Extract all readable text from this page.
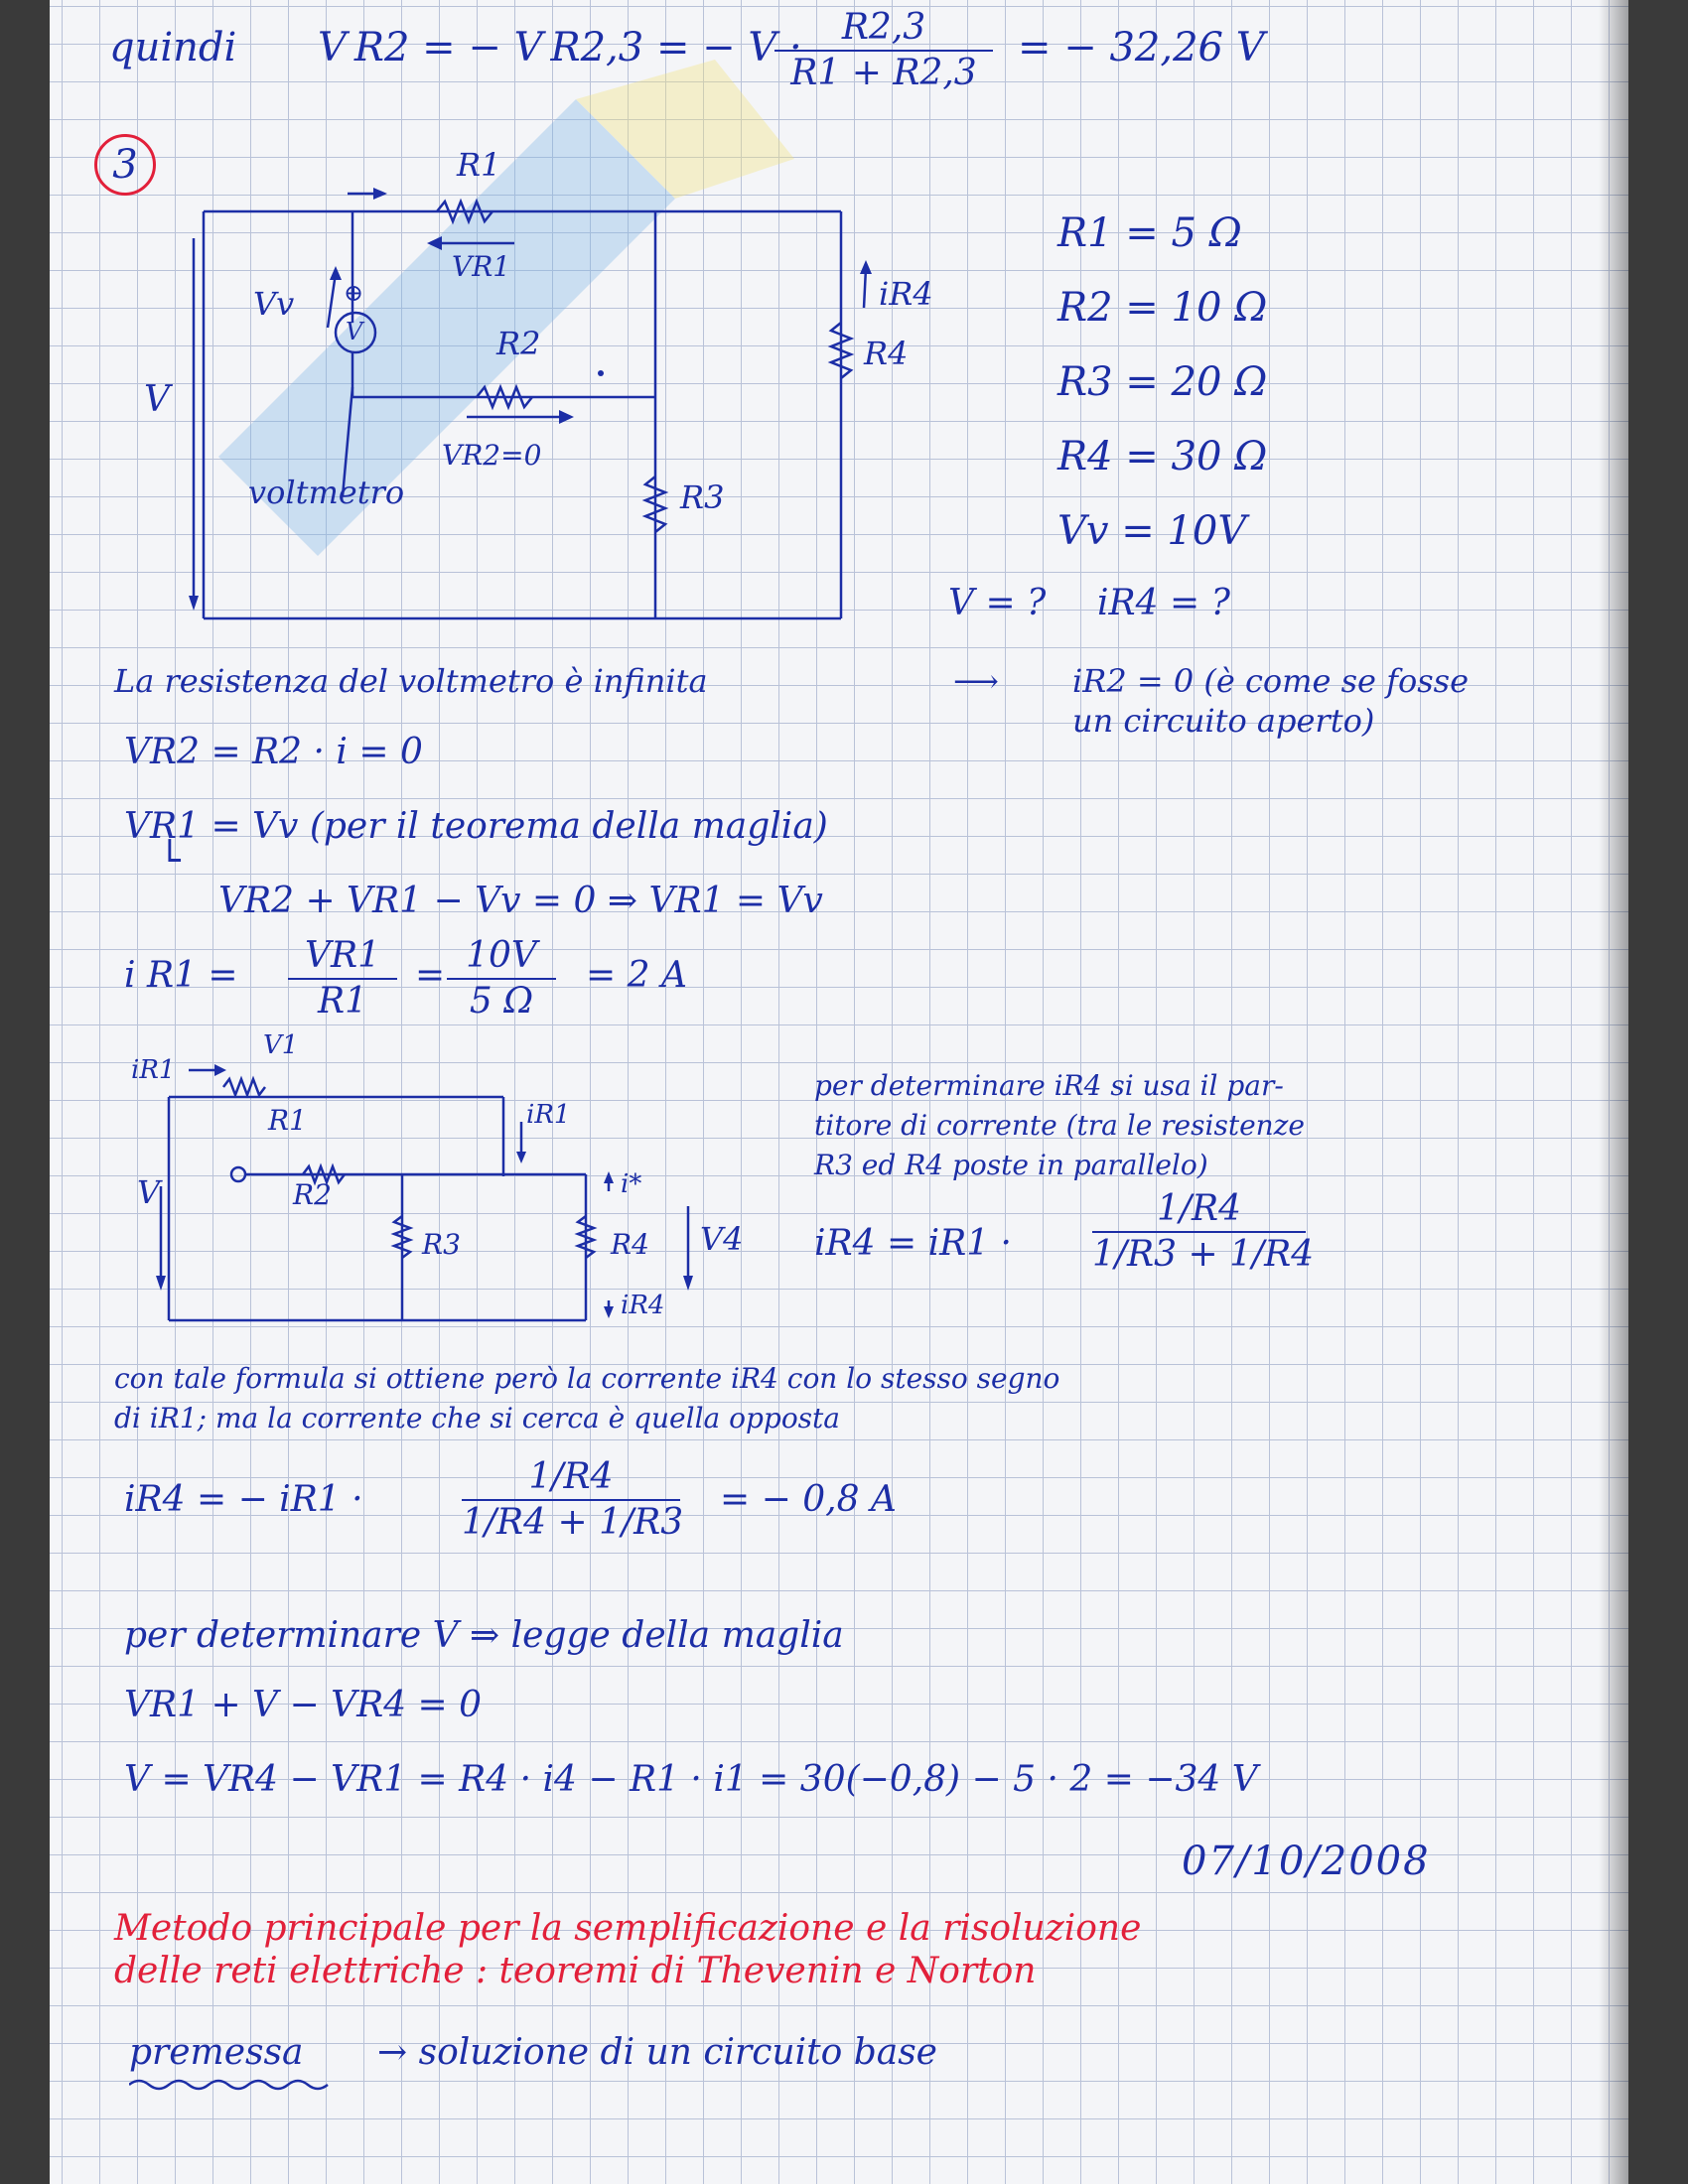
quindi V R2 = − V R2,3 = − V ·	R2,3
R1 + R2,3
= − 32,26 V
3	R1
VR1
R2
VR2=0
R3
R4
iR4
Vv
V
⊕
V
voltmetro
R1 = 5 Ω
R2 = 10 Ω
R3 = 20 Ω
R4 = 30 Ω
Vv = 10V
V = ? iR4 = ?
La resistenza del voltmetro è infinita	⟶ iR2 = 0 (è come se fosse
un circuito aperto)
VR2 = R2 · i = 0
VR1 = Vv (per il teorema della maglia)
VR2 + VR1 − Vv = 0 ⇒ VR1 = Vv
└
i R1 =	VR1
R1
= 10V
5 Ω
= 2 A
iR1
V1
R1	iR1
R2
V	i*
R3	R4 V4
iR4
per determinare iR4 si usa il par-
titore di corrente (tra le resistenze
R3 ed R4 poste in parallelo)
iR4 = iR1 ·
1/R4
1/R3 + 1/R4
con tale formula si ottiene però la corrente iR4 con lo stesso segno
di iR1; ma la corrente che si cerca è quella opposta
iR4 = − iR1 ·
1/R4
1/R4 + 1/R3
= − 0,8 A
per determinare V ⇒ legge della maglia
VR1 + V − VR4 = 0
V = VR4 − VR1 = R4 · i4 − R1 · i1 = 30(−0,8) − 5 · 2 = −34 V
07/10/2008
Metodo principale per la semplificazione e la risoluzione
delle reti elettriche : teoremi di Thevenin e Norton
premessa → soluzione di un circuito base
